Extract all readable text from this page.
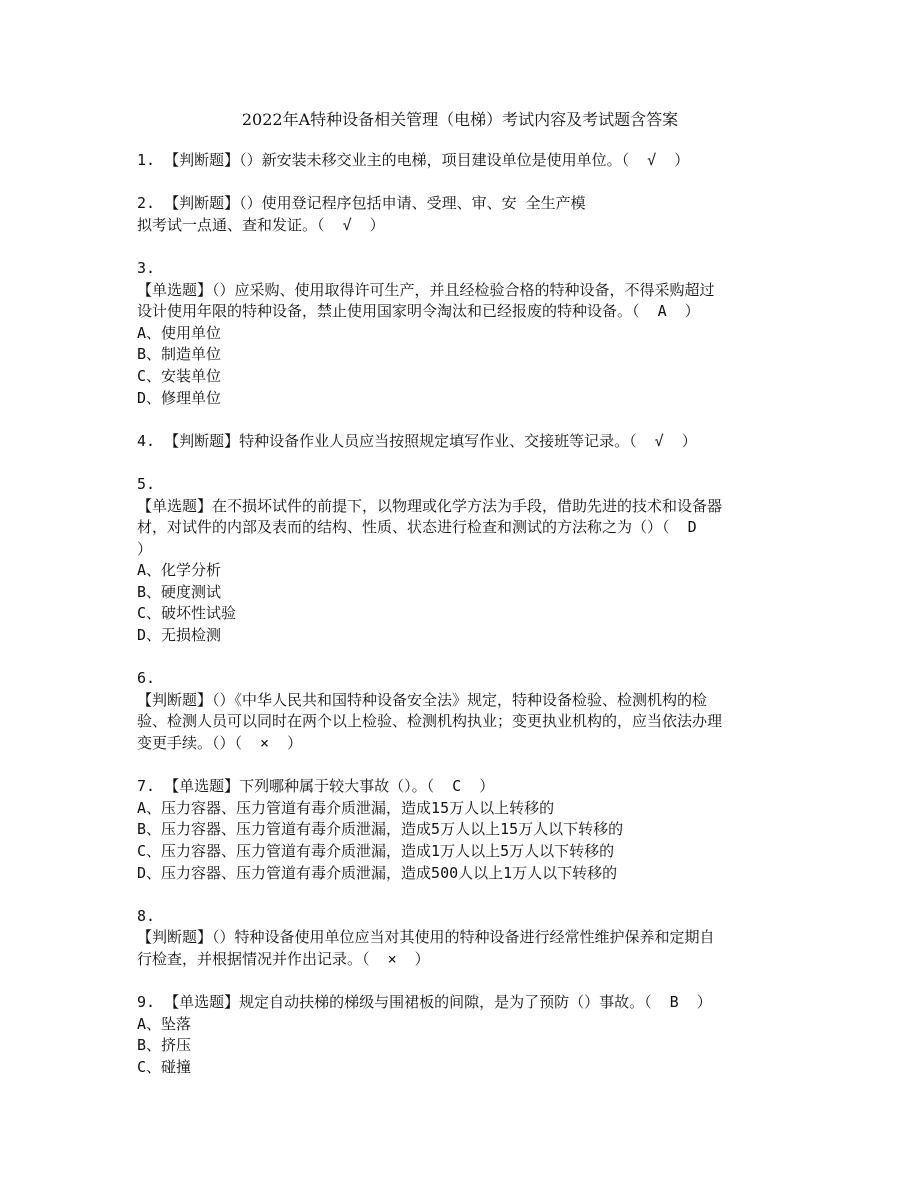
2022年A特种设备相关管理（电梯）考试内容及考试题含答案
1. 【判断题】（）新安装未移交业主的电梯，项目建设单位是使用单位。（  √  ）
2. 【判断题】（）使用登记程序包括申请、受理、审、安 全生产模
拟考试一点通、查和发证。（  √  ）
3.
【单选题】（）应采购、使用取得许可生产，并且经检验合格的特种设备，不得采购超过
设计使用年限的特种设备，禁止使用国家明令淘汰和已经报废的特种设备。（  A  ）
A、使用单位
B、制造单位
C、安装单位
D、修理单位
4. 【判断题】特种设备作业人员应当按照规定填写作业、交接班等记录。（  √  ）
5.
【单选题】在不损坏试件的前提下，以物理或化学方法为手段，借助先进的技术和设备器
材，对试件的内部及表而的结构、性质、状态进行检查和测试的方法称之为（）（  D
）
A、化学分析
B、硬度测试
C、破坏性试验
D、无损检测
6.
【判断题】（）《中华人民共和国特种设备安全法》规定，特种设备检验、检测机构的检
验、检测人员可以同时在两个以上检验、检测机构执业；变更执业机构的，应当依法办理
变更手续。（）（  ×  ）
7. 【单选题】下列哪种属于较大事故（）。（  C  ）
A、压力容器、压力管道有毒介质泄漏，造成15万人以上转移的
B、压力容器、压力管道有毒介质泄漏，造成5万人以上15万人以下转移的
C、压力容器、压力管道有毒介质泄漏，造成1万人以上5万人以下转移的
D、压力容器、压力管道有毒介质泄漏，造成500人以上1万人以下转移的
8.
【判断题】（）特种设备使用单位应当对其使用的特种设备进行经常性维护保养和定期自
行检查，并根据情况并作出记录。（  ×  ）
9. 【单选题】规定自动扶梯的梯级与围裙板的间隙，是为了预防（）事故。（  B  ）
A、坠落
B、挤压
C、碰撞
